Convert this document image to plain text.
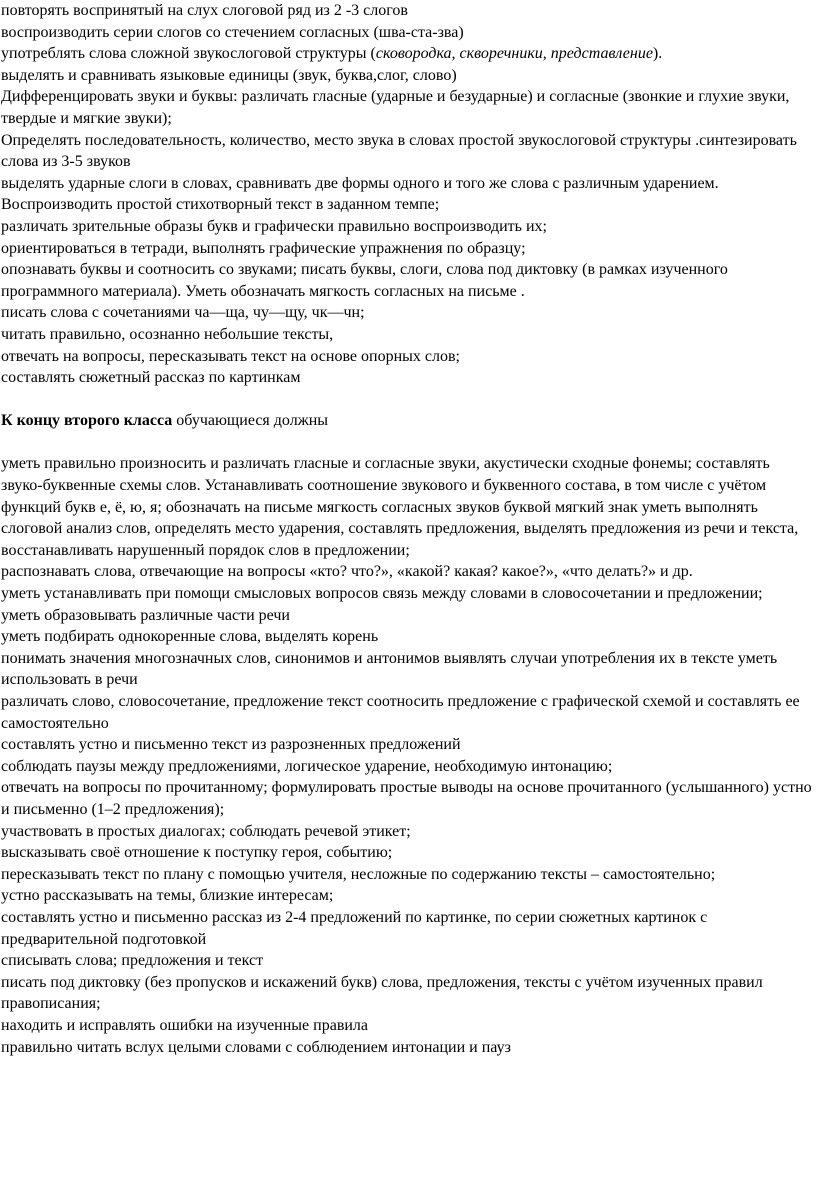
повторять воспринятый на слух слоговой ряд из 2 -3 слогов
воспроизводить серии слогов со стечением согласных (шва-ста-зва)
употреблять слова сложной звукослоговой структуры (сковородка, скворечники, представление).
выделять и сравнивать языковые единицы (звук, буква,слог, слово)
Дифференцировать звуки и буквы: различать гласные (ударные и безударные) и согласные (звонкие и глухие звуки, твердые и мягкие звуки);
Определять последовательность, количество, место звука в словах простой звукослоговой структуры .синтезировать слова из 3-5 звуков
выделять ударные слоги в словах, сравнивать две формы одного и того же слова с различным ударением.
Воспроизводить простой стихотворный текст в заданном темпе;
различать зрительные образы букв и графически правильно воспроизводить их;
ориентироваться в тетради, выполнять графические упражнения по образцу;
опознавать буквы и соотносить со звуками; писать буквы, слоги, слова под диктовку (в рамках изученного программного материала). Уметь обозначать мягкость согласных на письме .
писать слова с сочетаниями ча—ща, чу—щу, чк—чн;
читать правильно, осознанно небольшие тексты,
отвечать на вопросы, пересказывать текст на основе опорных слов;
составлять сюжетный рассказ по картинкам
К концу второго класса обучающиеся должны
уметь правильно произносить и различать гласные и согласные звуки, акустически сходные фонемы; составлять звуко-буквенные схемы слов. Устанавливать соотношение звукового и буквенного состава, в том числе с учётом функций букв е, ё, ю, я; обозначать на письме мягкость согласных звуков буквой мягкий знак уметь выполнять слоговой анализ слов, определять место ударения, составлять предложения, выделять предложения из речи и текста, восстанавливать нарушенный порядок слов в предложении;
распознавать слова, отвечающие на вопросы «кто? что?», «какой? какая? какое?», «что делать?» и др.
уметь устанавливать при помощи смысловых вопросов связь между словами в словосочетании и предложении;
уметь образовывать различные части речи
уметь подбирать однокоренные слова, выделять корень
понимать значения многозначных слов, синонимов и антонимов выявлять случаи употребления их в тексте уметь использовать в речи
различать слово, словосочетание, предложение текст соотносить предложение с графической схемой и составлять ее самостоятельно
составлять устно и письменно текст из разрозненных предложений
соблюдать паузы между предложениями, логическое ударение, необходимую интонацию;
отвечать на вопросы по прочитанному; формулировать простые выводы на основе прочитанного (услышанного) устно и письменно (1–2 предложения);
участвовать в простых диалогах; соблюдать речевой этикет;
высказывать своё отношение к поступку героя, событию;
пересказывать текст по плану с помощью учителя, несложные по содержанию тексты – самостоятельно;
устно рассказывать на темы, близкие интересам;
составлять устно и письменно рассказ из 2-4 предложений по картинке, по серии сюжетных картинок с предварительной подготовкой
списывать слова; предложения и текст
писать под диктовку (без пропусков и искажений букв) слова, предложения, тексты с учётом изученных правил правописания;
находить и исправлять ошибки на изученные правила
правильно читать вслух целыми словами с соблюдением интонации и пауз
